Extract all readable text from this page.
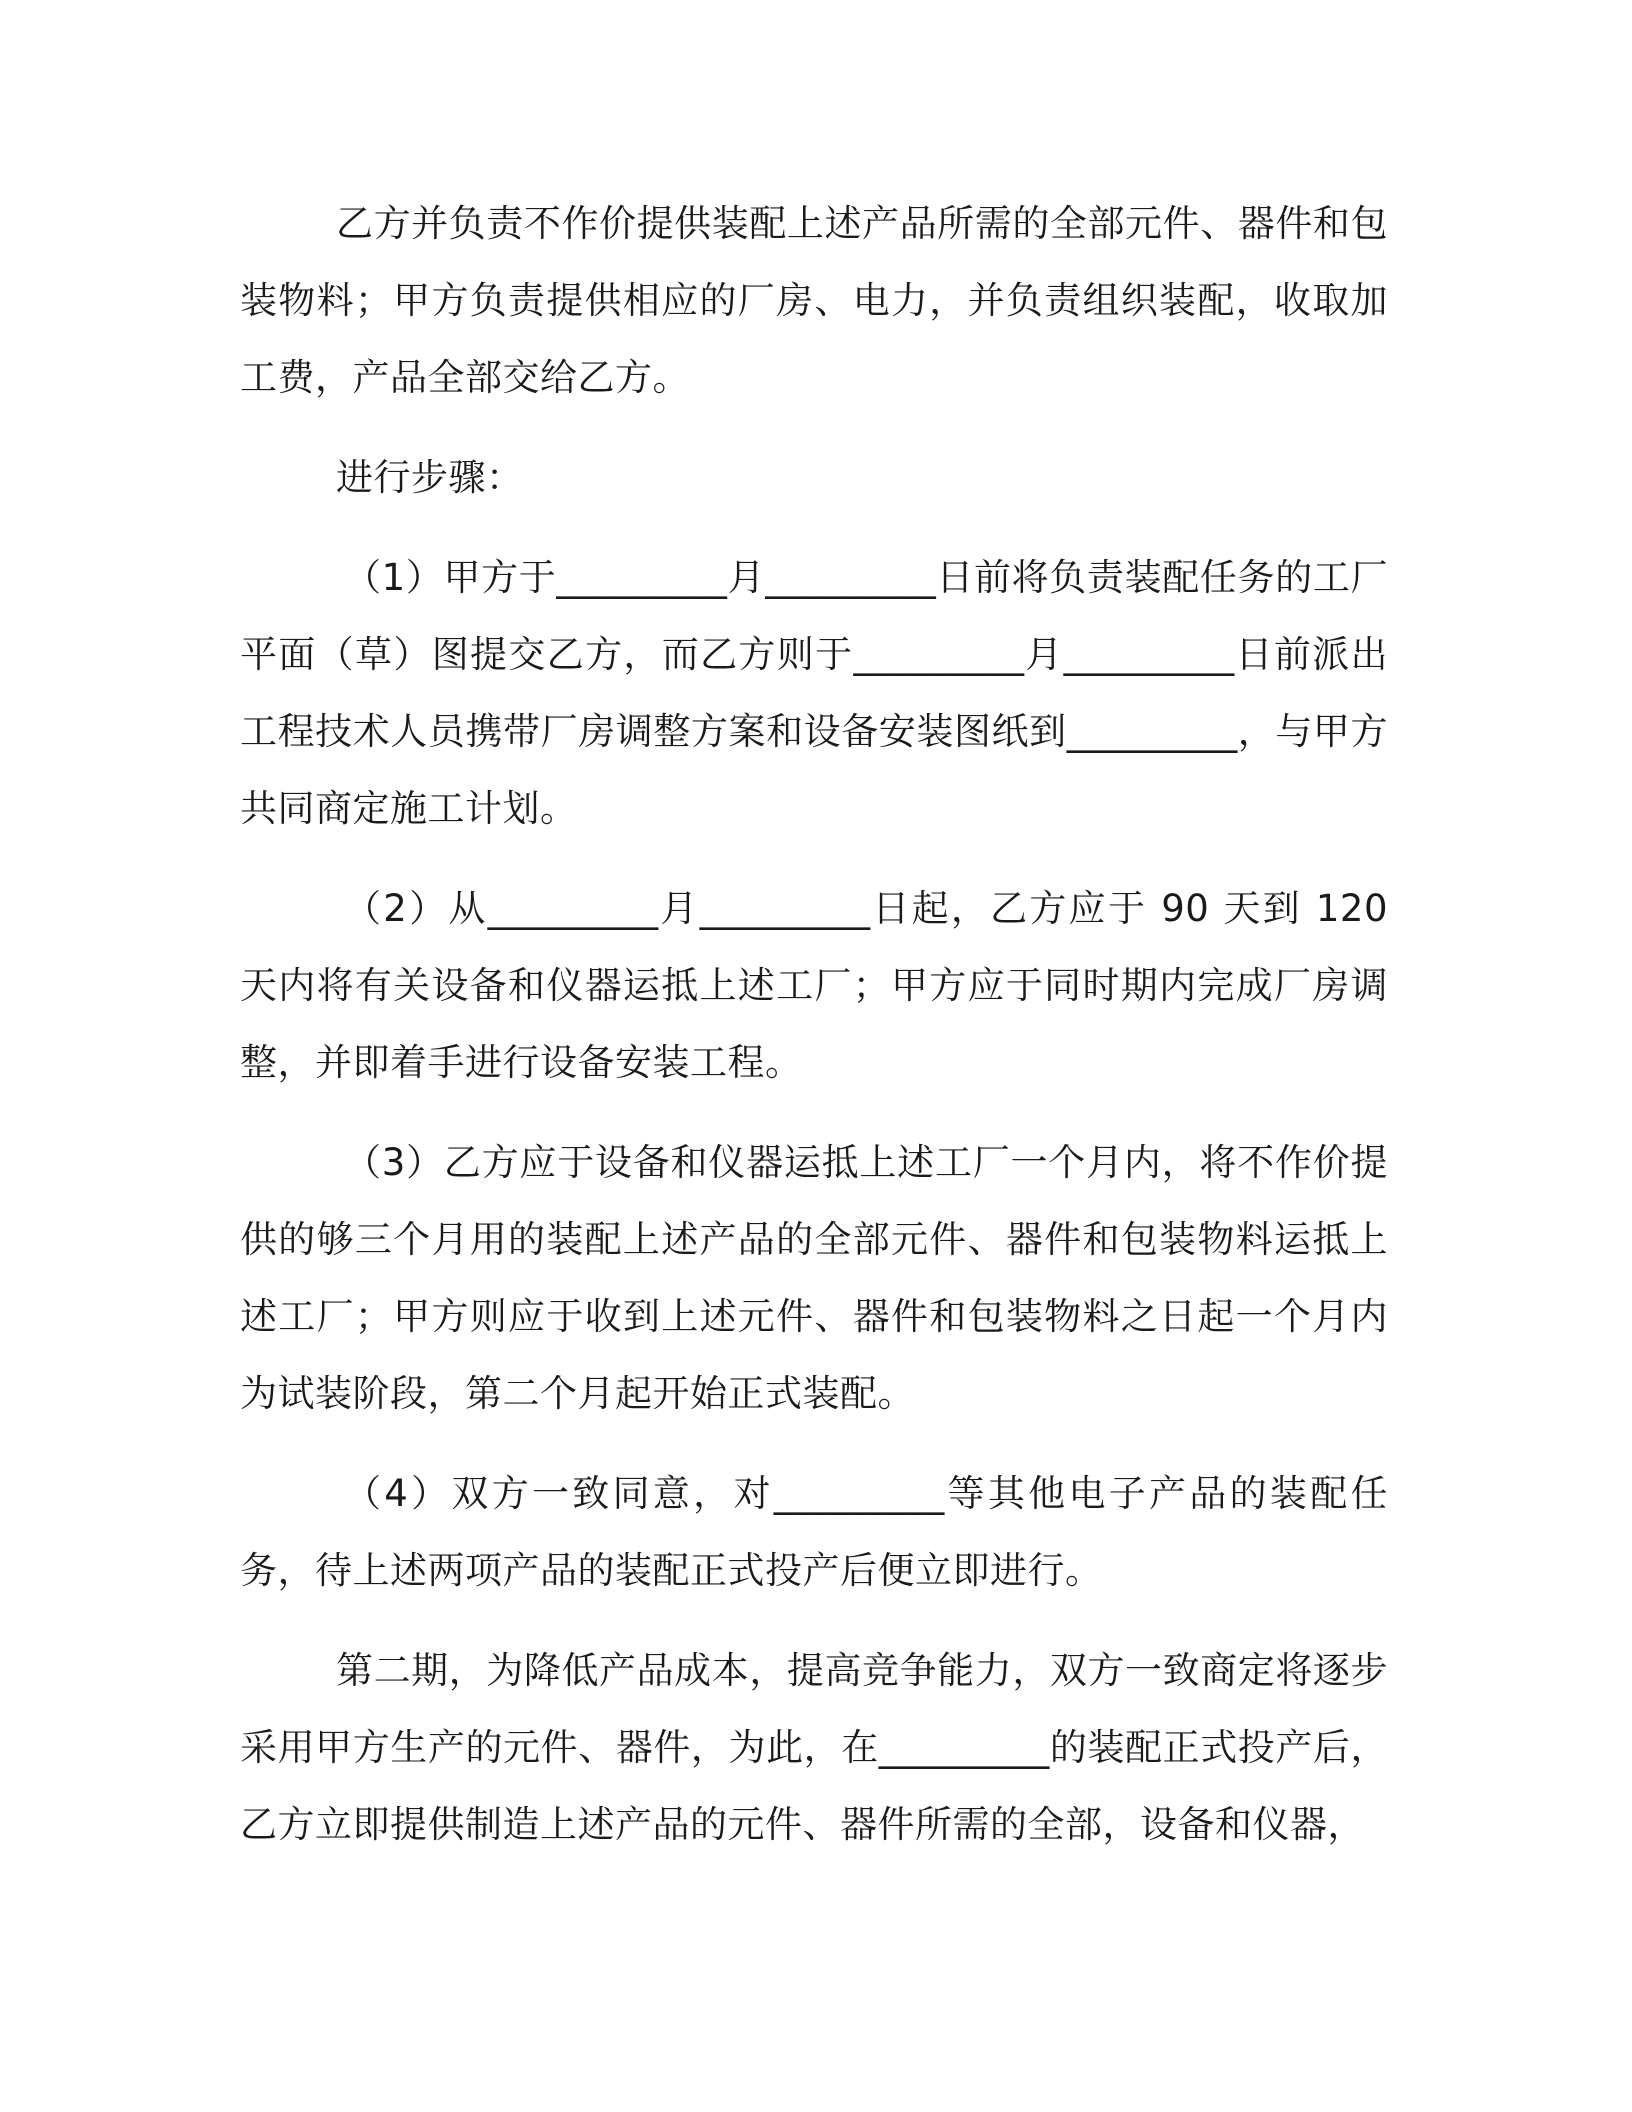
乙方并负责不作价提供装配上述产品所需的全部元件、器件和包装物料；甲方负责提供相应的厂房、电力，并负责组织装配，收取加工费，产品全部交给乙方。

进行步骤：

（1）甲方于_________月_________日前将负责装配任务的工厂平面（草）图提交乙方，而乙方则于_________月_________日前派出工程技术人员携带厂房调整方案和设备安装图纸到_________，与甲方共同商定施工计划。

（2）从_________月_________日起，乙方应于 90 天到 120 天内将有关设备和仪器运抵上述工厂；甲方应于同时期内完成厂房调整，并即着手进行设备安装工程。

（3）乙方应于设备和仪器运抵上述工厂一个月内，将不作价提供的够三个月用的装配上述产品的全部元件、器件和包装物料运抵上述工厂；甲方则应于收到上述元件、器件和包装物料之日起一个月内为试装阶段，第二个月起开始正式装配。

（4）双方一致同意，对_________等其他电子产品的装配任务，待上述两项产品的装配正式投产后便立即进行。

第二期，为降低产品成本，提高竞争能力，双方一致商定将逐步采用甲方生产的元件、器件，为此，在_________的装配正式投产后，乙方立即提供制造上述产品的元件、器件所需的全部，设备和仪器，
